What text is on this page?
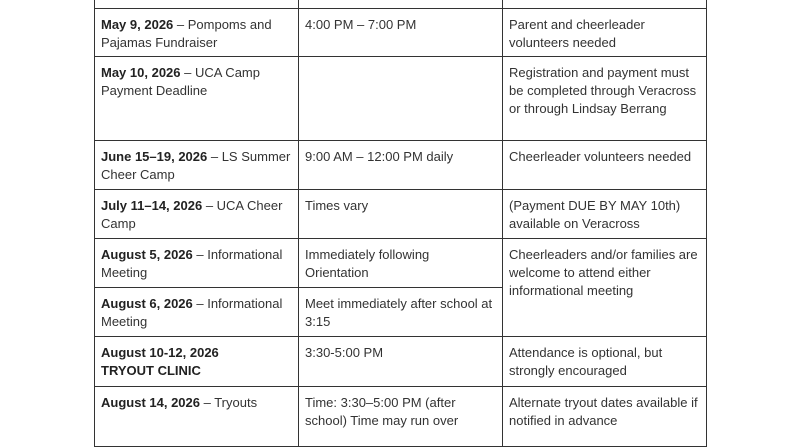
May 9, 2026 – Pompoms and Pajamas Fundraiser	4:00 PM – 7:00 PM	Parent and cheerleader volunteers needed
May 10, 2026 – UCA Camp Payment Deadline		Registration and payment must be completed through Veracross or through Lindsay Berrang
June 15–19, 2026 – LS Summer Cheer Camp	9:00 AM – 12:00 PM daily	Cheerleader volunteers needed
July 11–14, 2026 – UCA Cheer Camp	Times vary	(Payment DUE BY MAY 10th) available on Veracross
August 5, 2026 – Informational Meeting	Immediately following Orientation	Cheerleaders and/or families are welcome to attend either informational meeting
August 6, 2026 – Informational Meeting	Meet immediately after school at 3:15	

August 10-12, 2026
TRYOUT CLINIC	3:30-5:00 PM	Attendance is optional, but strongly encouraged
August 14, 2026 – Tryouts	Time: 3:30–5:00 PM (after school) Time may run over	Alternate tryout dates available if notified in advance
